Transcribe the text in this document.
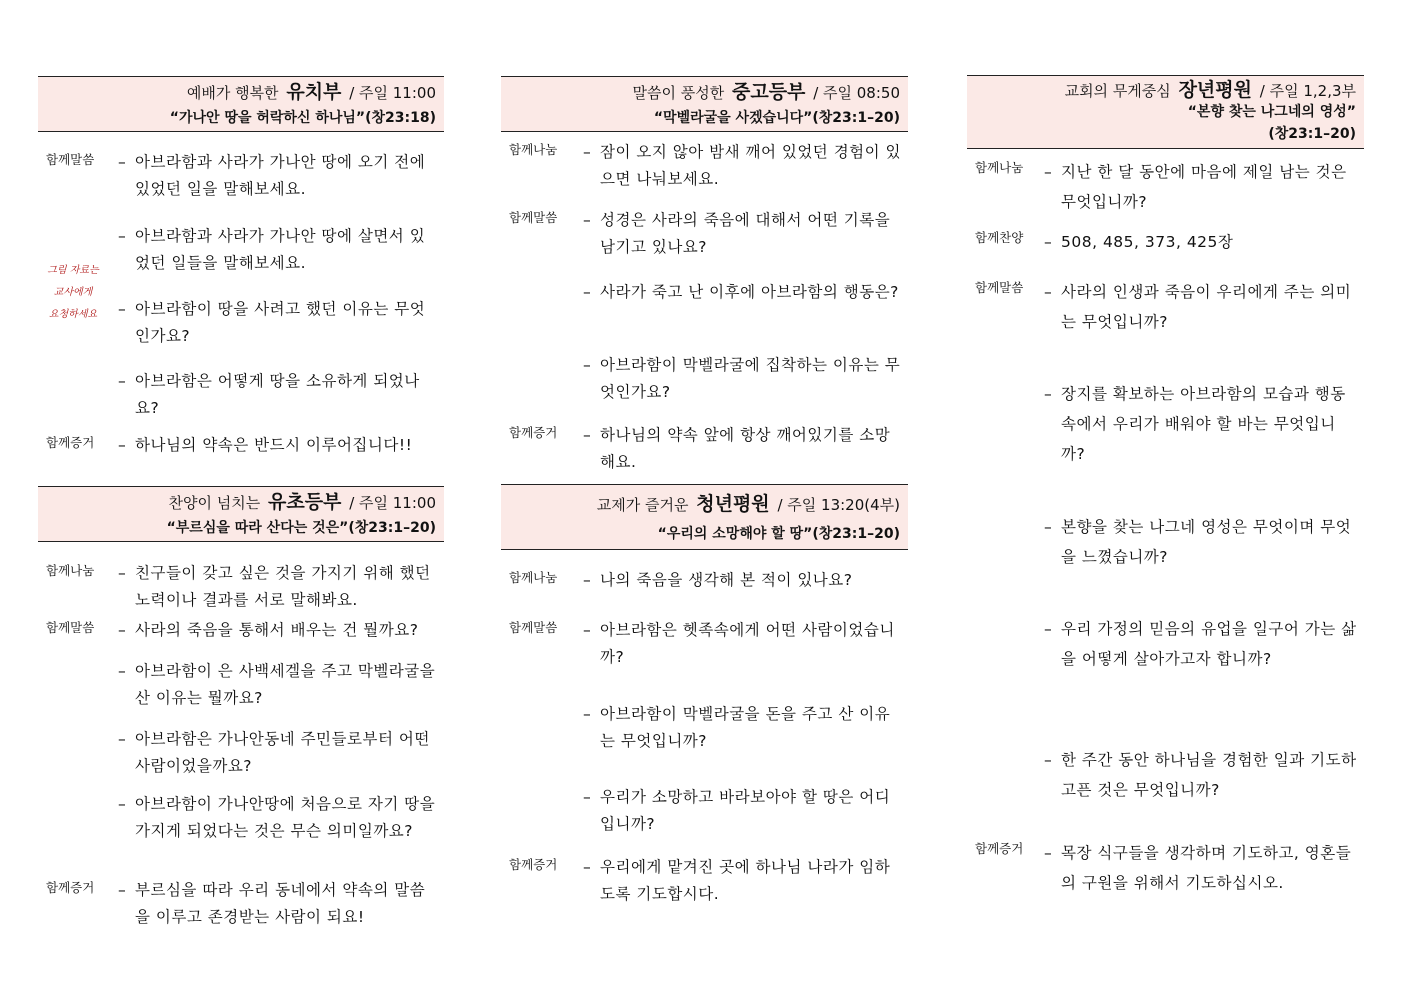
예배가 행복한 유치부 / 주일 11:00
“가나안 땅을 허락하신 하나님”(창23:18)
함께말씀 – 아브라함과 사라가 가나안 땅에 오기 전에 있었던 일을 말해보세요.
– 아브라함과 사라가 가나안 땅에 살면서 있었던 일들을 말해보세요.
– 아브라함이 땅을 사려고 했던 이유는 무엇인가요?
– 아브라함은 어떻게 땅을 소유하게 되었나요?
함께증거 – 하나님의 약속은 반드시 이루어집니다!!
그림 자료는
교사에게
요청하세요
찬양이 넘치는 유초등부 / 주일 11:00
“부르심을 따라 산다는 것은”(창23:1–20)
함께나눔 – 친구들이 갖고 싶은 것을 가지기 위해 했던 노력이나 결과를 서로 말해봐요.
함께말씀 – 사라의 죽음을 통해서 배우는 건 뭘까요?
– 아브라함이 은 사백세겔을 주고 막벨라굴을 산 이유는 뭘까요?
– 아브라함은 가나안동네 주민들로부터 어떤 사람이었을까요?
– 아브라함이 가나안땅에 처음으로 자기 땅을 가지게 되었다는 것은 무슨 의미일까요?
함께증거 – 부르심을 따라 우리 동네에서 약속의 말씀을 이루고 존경받는 사람이 되요!
말씀이 풍성한 중고등부 / 주일 08:50
“막벨라굴을 사겠습니다”(창23:1–20)
함께나눔 – 잠이 오지 않아 밤새 깨어 있었던 경험이 있으면 나눠보세요.
함께말씀 – 성경은 사라의 죽음에 대해서 어떤 기록을 남기고 있나요?
– 사라가 죽고 난 이후에 아브라함의 행동은?
– 아브라함이 막벨라굴에 집착하는 이유는 무엇인가요?
함께증거 – 하나님의 약속 앞에 항상 깨어있기를 소망해요.
교제가 즐거운 청년평원 / 주일 13:20(4부)
“우리의 소망해야 할 땅”(창23:1–20)
함께나눔 – 나의 죽음을 생각해 본 적이 있나요?
함께말씀 – 아브라함은 헷족속에게 어떤 사람이었습니까?
– 아브라함이 막벨라굴을 돈을 주고 산 이유는 무엇입니까?
– 우리가 소망하고 바라보아야 할 땅은 어디입니까?
함께증거 – 우리에게 맡겨진 곳에 하나님 나라가 임하도록 기도합시다.
교회의 무게중심 장년평원 / 주일 1,2,3부
“본향 찾는 나그네의 영성”
(창23:1–20)
함께나눔 – 지난 한 달 동안에 마음에 제일 남는 것은 무엇입니까?
함께찬양 – 508, 485, 373, 425장
함께말씀 – 사라의 인생과 죽음이 우리에게 주는 의미는 무엇입니까?
– 장지를 확보하는 아브라함의 모습과 행동 속에서 우리가 배워야 할 바는 무엇입니까?
– 본향을 찾는 나그네 영성은 무엇이며 무엇을 느꼈습니까?
– 우리 가정의 믿음의 유업을 일구어 가는 삶을 어떻게 살아가고자 합니까?
– 한 주간 동안 하나님을 경험한 일과 기도하고픈 것은 무엇입니까?
함께증거 – 목장 식구들을 생각하며 기도하고, 영혼들의 구원을 위해서 기도하십시오.
